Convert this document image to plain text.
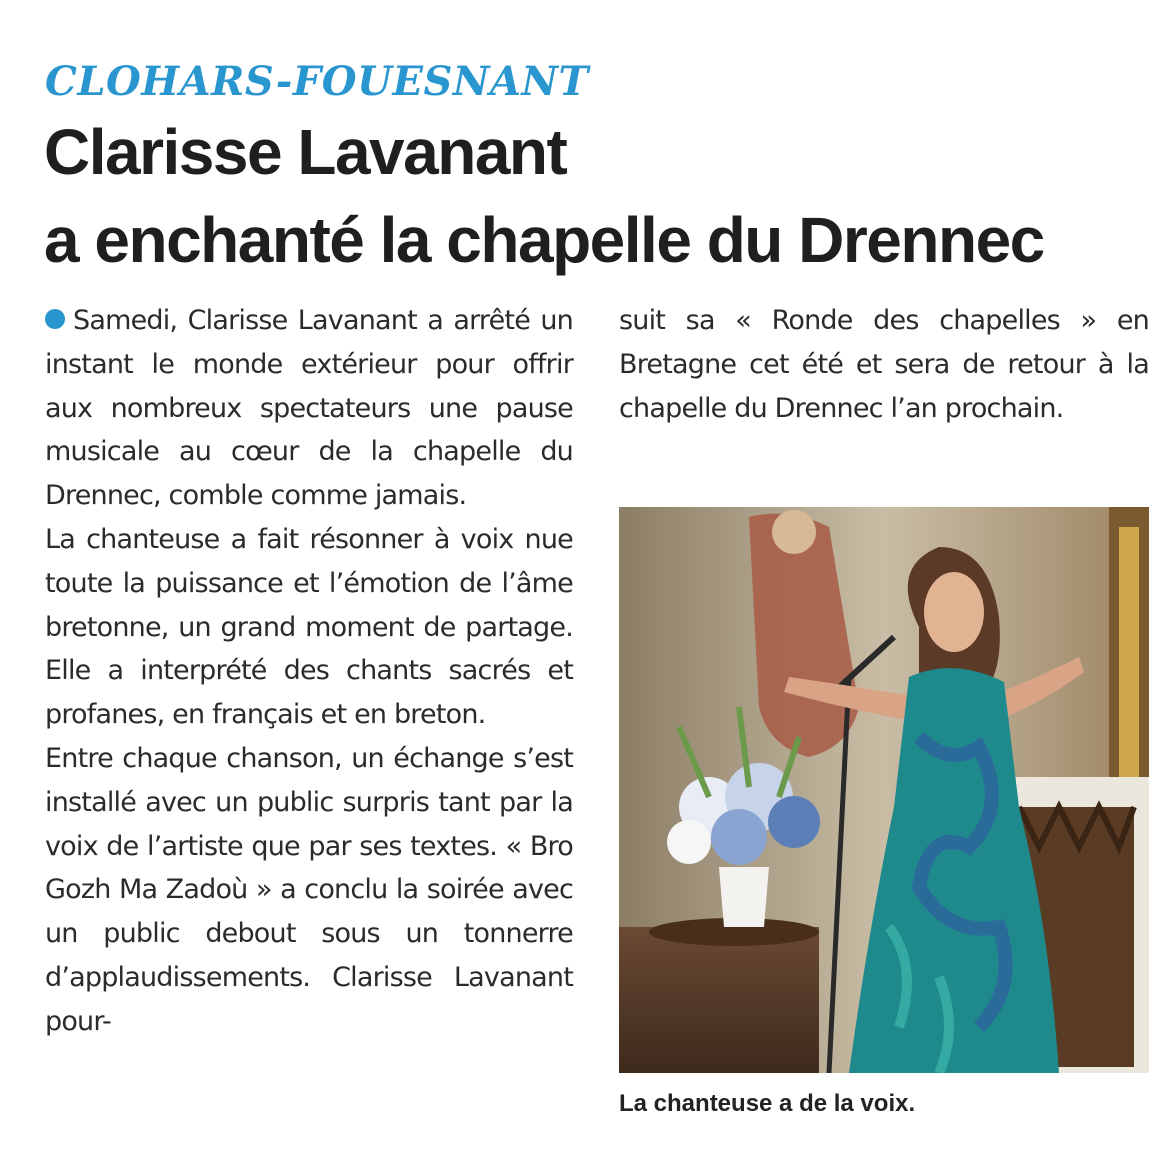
CLOHARS-FOUESNANT
Clarisse Lavanant
a enchanté la chapelle du Drennec

Samedi, Clarisse Lavanant a arrêté un instant le monde extérieur pour offrir aux nombreux spectateurs une pause musicale au cœur de la chapelle du Drennec, comble comme jamais.

La chanteuse a fait résonner à voix nue toute la puissance et l’émotion de l’âme bretonne, un grand moment de partage. Elle a interprété des chants sacrés et profanes, en français et en breton.

Entre chaque chanson, un échange s’est installé avec un public surpris tant par la voix de l’artiste que par ses textes. « Bro Gozh Ma Zadoù » a conclu la soirée avec un public debout sous un tonnerre d’applaudissements. Clarisse Lavanant pour-

suit sa « Ronde des chapelles » en Bretagne cet été et sera de retour à la chapelle du Drennec l’an prochain.

La chanteuse a de la voix.
